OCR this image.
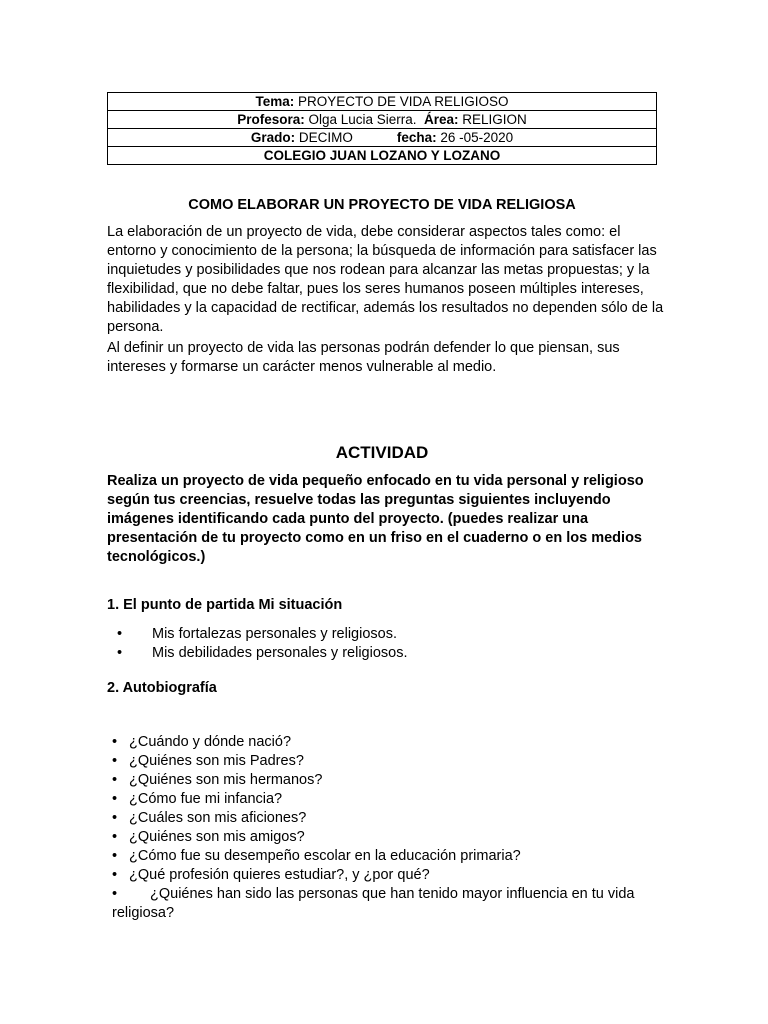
Tema: PROYECTO DE VIDA RELIGIOSO
Profesora: Olga Lucia Sierra.  Área: RELIGION
Grado: DECIMO	fecha: 26 -05-2020
COLEGIO JUAN LOZANO Y LOZANO
COMO ELABORAR UN PROYECTO DE VIDA RELIGIOSA

La elaboración de un proyecto de vida, debe considerar aspectos tales como: el entorno y conocimiento de la persona; la búsqueda de información para satisfacer las inquietudes y posibilidades que nos rodean para alcanzar las metas propuestas; y la flexibilidad, que no debe faltar, pues los seres humanos poseen múltiples intereses, habilidades y la capacidad de rectificar, además los resultados no dependen sólo de la persona.

Al definir un proyecto de vida las personas podrán defender lo que piensan, sus intereses y formarse un carácter menos vulnerable al medio.

ACTIVIDAD

Realiza un proyecto de vida pequeño enfocado en tu vida personal y religioso según tus creencias, resuelve todas las preguntas siguientes incluyendo imágenes identificando cada punto del proyecto. (puedes realizar una presentación de tu proyecto como en un friso en el cuaderno o en los medios tecnológicos.)

1. El punto de partida Mi situación
• Mis fortalezas personales y religiosos.
• Mis debilidades personales y religiosos.
2. Autobiografía
• ¿Cuándo y dónde nació?
• ¿Quiénes son mis Padres?
• ¿Quiénes son mis hermanos?
• ¿Cómo fue mi infancia?
• ¿Cuáles son mis aficiones?
• ¿Quiénes son mis amigos?
• ¿Cómo fue su desempeño escolar en la educación primaria?
• ¿Qué profesión quieres estudiar?, y ¿por qué?
• ¿Quiénes han sido las personas que han tenido mayor influencia en tu vida religiosa?
